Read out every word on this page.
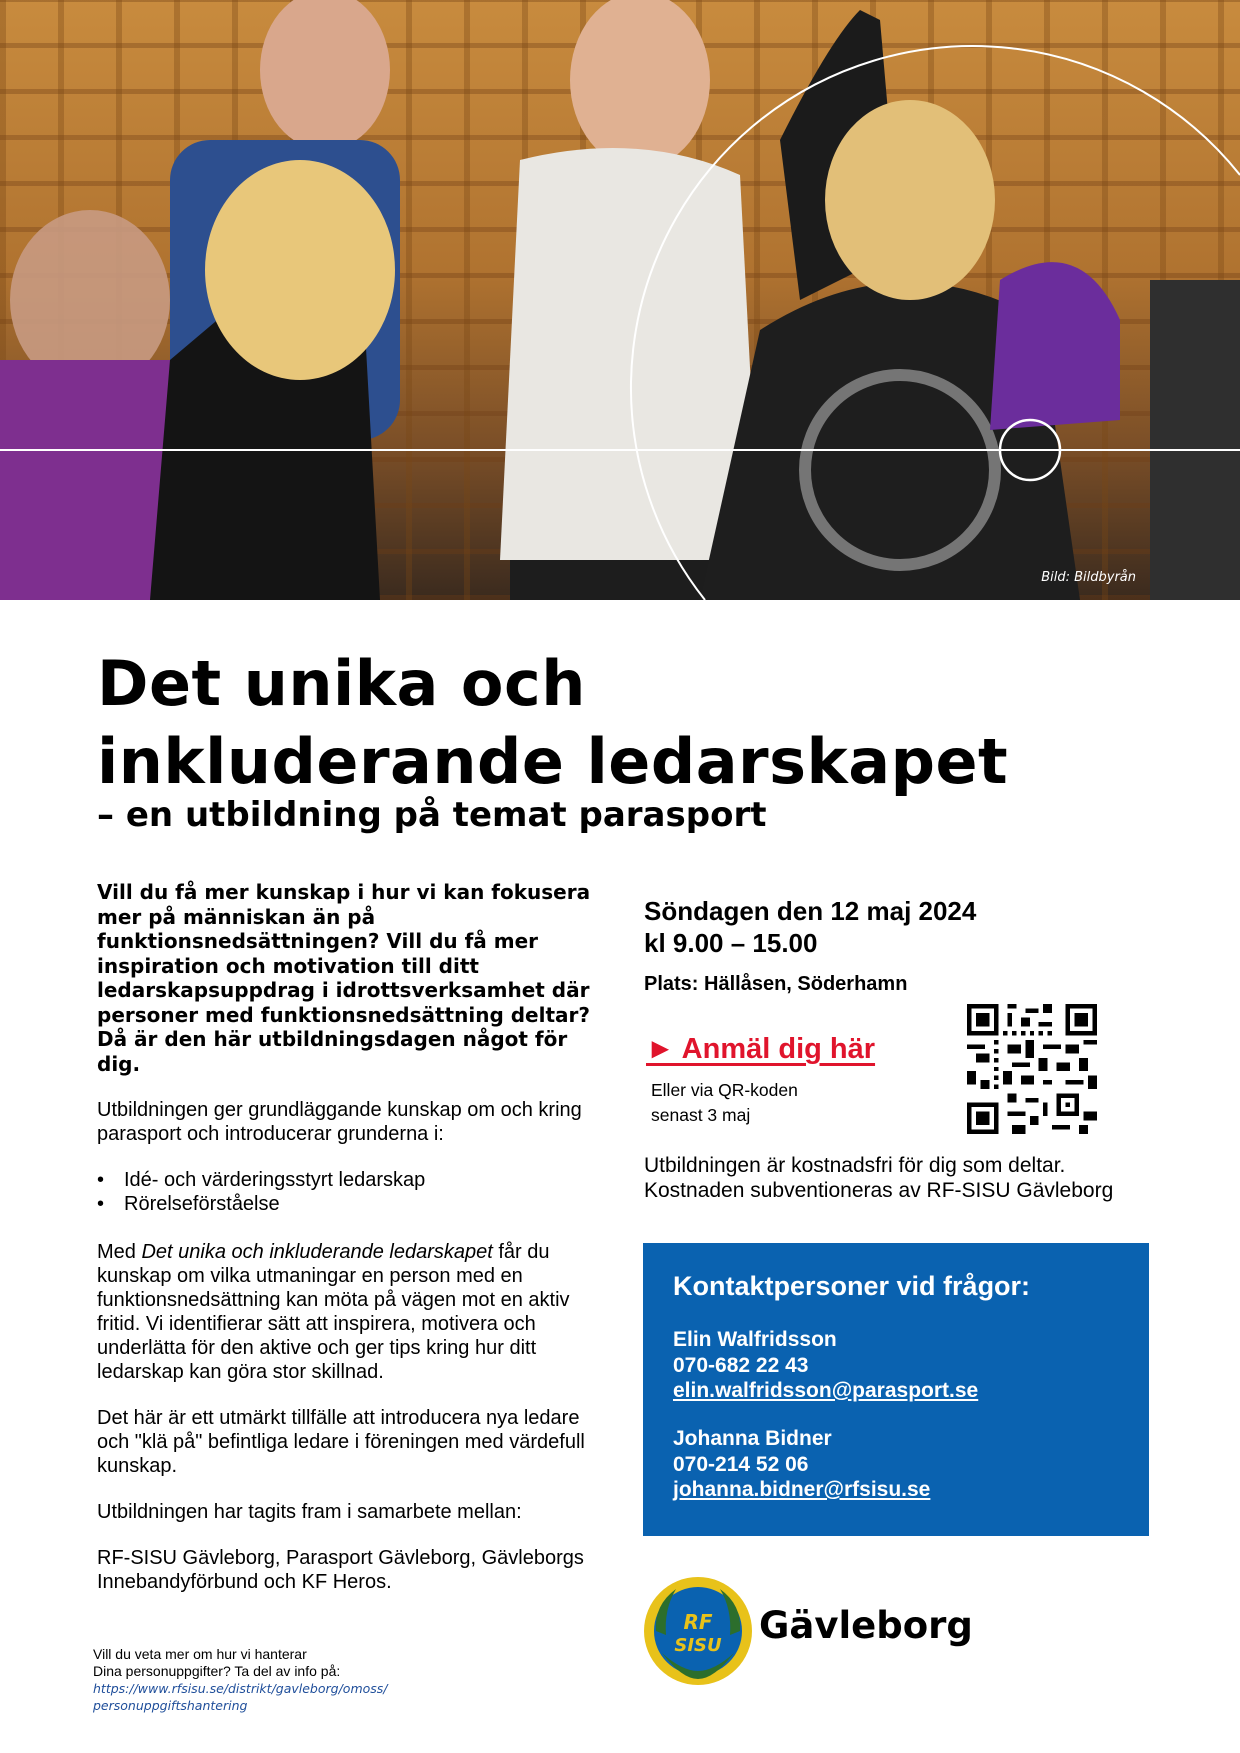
Bild: Bildbyrån
Det unika och
inkluderande ledarskapet
– en utbildning på temat parasport

Vill du få mer kunskap i hur vi kan fokusera mer på människan än på funktionsnedsättningen? Vill du få mer inspiration och motivation till ditt ledarskapsuppdrag i idrottsverksamhet där personer med funktionsnedsättning deltar? Då är den här utbildningsdagen något för dig.

Utbildningen ger grundläggande kunskap om och kring parasport och introducerar grunderna i:

• Idé- och värderingsstyrt ledarskap
• Rörelseförståelse

Med Det unika och inkluderande ledarskapet får du kunskap om vilka utmaningar en person med en funktionsnedsättning kan möta på vägen mot en aktiv fritid. Vi identifierar sätt att inspirera, motivera och underlätta för den aktive och ger tips kring hur ditt ledarskap kan göra stor skillnad.

Det här är ett utmärkt tillfälle att introducera nya ledare och "klä på" befintliga ledare i föreningen med värdefull kunskap.

Utbildningen har tagits fram i samarbete mellan:

RF-SISU Gävleborg, Parasport Gävleborg, Gävleborgs Innebandyförbund och KF Heros.

Vill du veta mer om hur vi hanterar
Dina personuppgifter? Ta del av info på:
https://www.rfsisu.se/distrikt/gavleborg/omoss/
personuppgiftshantering

Söndagen den 12 maj 2024

kl 9.00 – 15.00

Plats: Hällåsen, Söderhamn

► Anmäl dig här
Eller via QR-koden
senast 3 maj

Utbildningen är kostnadsfri för dig som deltar. Kostnaden subventioneras av RF-SISU Gävleborg

Kontaktpersoner vid frågor:
Elin Walfridsson
070-682 22 43
elin.walfridsson@parasport.se
Johanna Bidner
070-214 52 06
johanna.bidner@rfsisu.se
RF
SISU Gävleborg
